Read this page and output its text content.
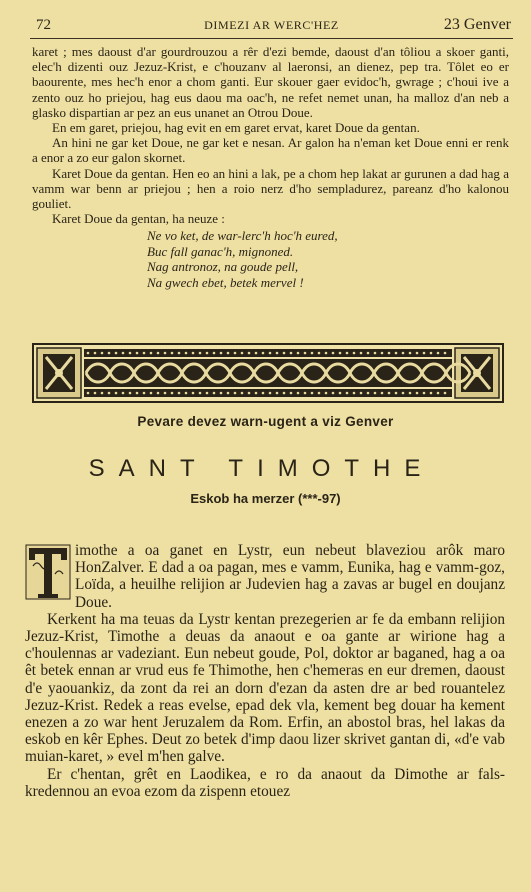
72	DIMEZI AR WERC'HEZ	23 Genver

karet ; mes daoust d'ar gourdrouzou a rêr d'ezi bemde, daoust d'an tôliou a skoer ganti, elec'h dizenti ouz Jezuz-Krist, e c'houzanv al laeronsi, an dienez, pep tra. Tôlet eo er baourente, mes hec'h enor a chom ganti. Eur skouer gaer evidoc'h, gwrage ; c'houi ive a zento ouz ho priejou, hag eus daou ma oac'h, ne refet nemet unan, ha malloz d'an neb a glasko dispartian ar pez an eus unanet an Otrou Doue.

En em garet, priejou, hag evit en em garet ervat, karet Doue da gentan.

An hini ne gar ket Doue, ne gar ket e nesan. Ar galon ha n'eman ket Doue enni er renk a enor a zo eur galon skornet.

Karet Doue da gentan. Hen eo an hini a lak, pe a chom hep lakat ar gurunen a dad hag a vamm war benn ar priejou ; hen a roio nerz d'ho sempladurez, pareanz d'ho kalonou gouliet.

Karet Doue da gentan, ha neuze :

Ne vo ket, de war-lerc'h hoc'h eured,
Buc fall ganac'h, mignoned.
Nag antronoz, na goude pell,
Na gwech ebet, betek mervel !
Pevare devez warn-ugent a viz Genver
SANT TIMOTHE
Eskob ha merzer (***-97)

imothe a oa ganet en Lystr, eun nebeut blaveziou arôk maro HonZalver. E dad a oa pagan, mes e vamm, Eunika, hag e vamm-goz, Loïda, a heuilhe relijion ar Judevien hag a zavas ar bugel en doujanz Doue.

Kerkent ha ma teuas da Lystr kentan prezegerien ar fe da embann relijion Jezuz-Krist, Timothe a deuas da anaout e oa gante ar wirione hag a c'houlennas ar vadeziant. Eun nebeut goude, Pol, doktor ar baganed, hag a oa êt betek ennan ar vrud eus fe Thimothe, hen c'hemeras en eur dremen, daoust d'e yaouankiz, da zont da rei an dorn d'ezan da asten dre ar bed rouantelez Jezuz-Krist. Redek a reas evelse, epad dek vla, kement beg douar ha kement enezen a zo war hent Jeruzalem da Rom. Erfin, an abostol bras, hel lakas da eskob en kêr Ephes. Deut zo betek d'imp daou lizer skrivet gantan di, «d'e vab muian-karet, » evel m'hen galve.

Er c'hentan, grêt en Laodikea, e ro da anaout da Dimothe ar fals-kredennou an evoa ezom da zispenn etouez
